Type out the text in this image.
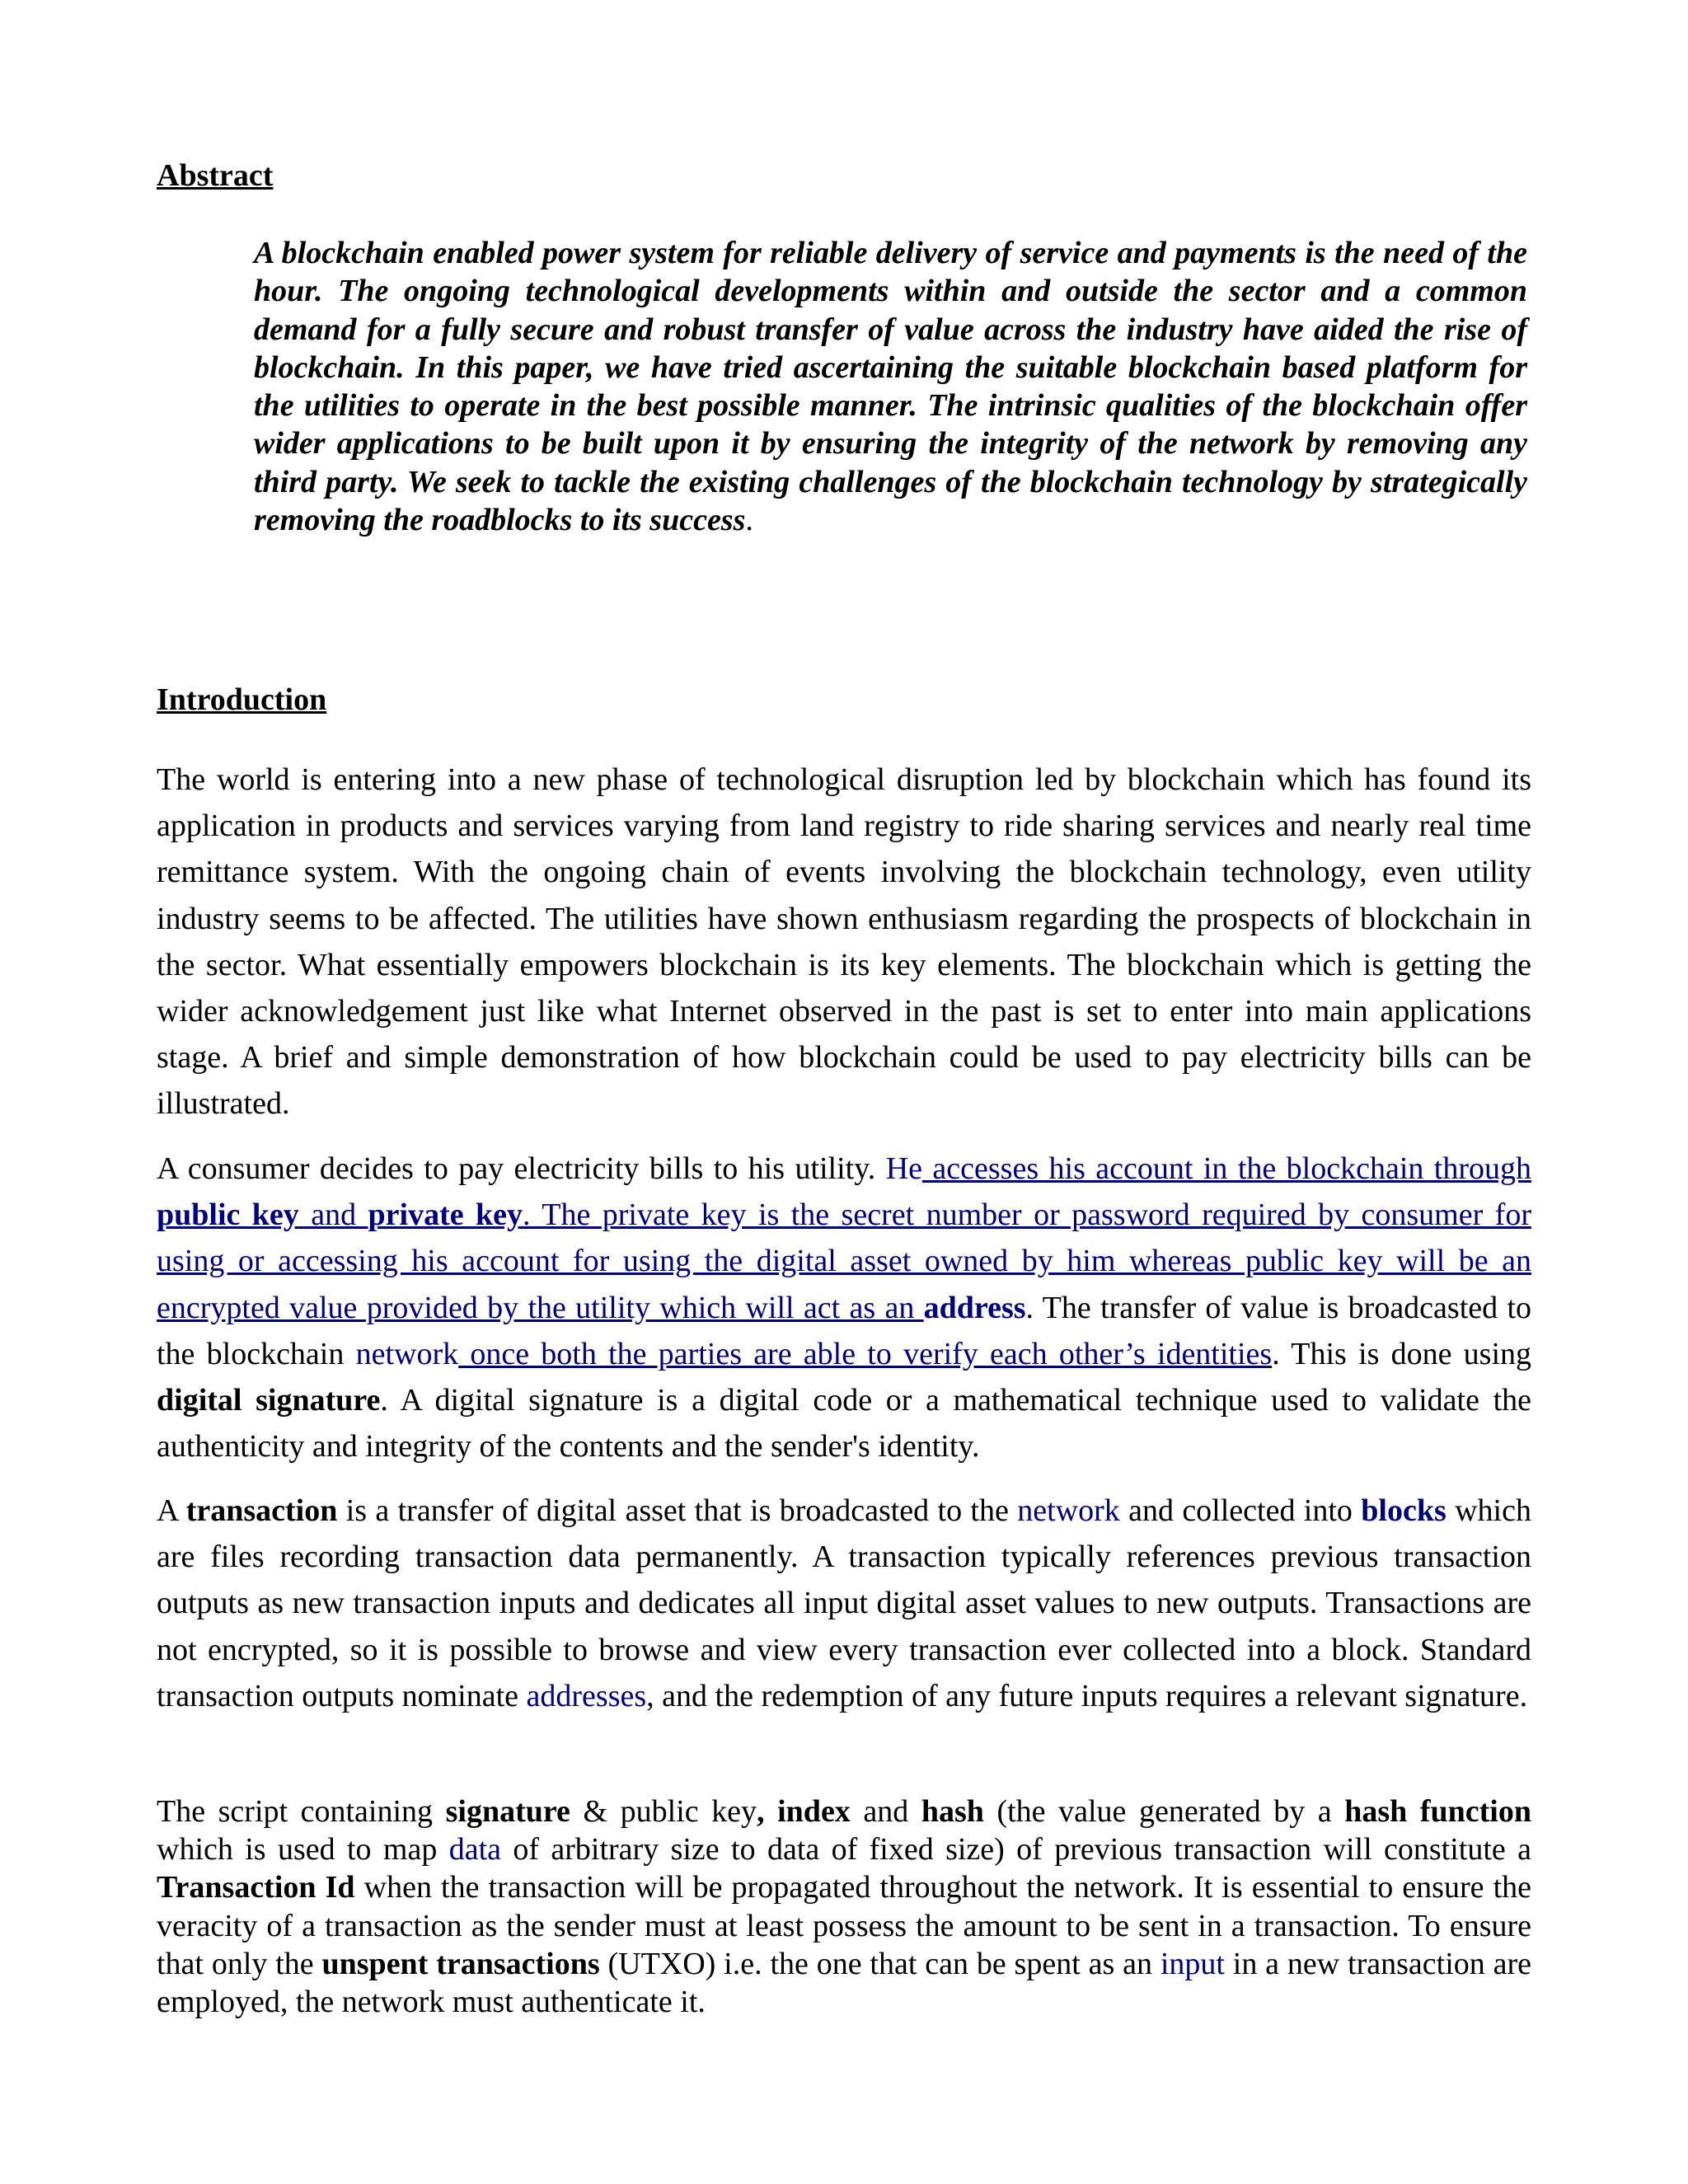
Abstract

A blockchain enabled power system for reliable delivery of service and payments is the need of the hour. The ongoing technological developments within and outside the sector and a common demand for a fully secure and robust transfer of value across the industry have aided the rise of blockchain. In this paper, we have tried ascertaining the suitable blockchain based platform for the utilities to operate in the best possible manner. The intrinsic qualities of the blockchain offer wider applications to be built upon it by ensuring the integrity of the network by removing any third party. We seek to tackle the existing challenges of the blockchain technology by strategically removing the roadblocks to its success.

Introduction

The world is entering into a new phase of technological disruption led by blockchain which has found its application in products and services varying from land registry to ride sharing services and nearly real time remittance system. With the ongoing chain of events involving the blockchain technology, even utility industry seems to be affected. The utilities have shown enthusiasm regarding the prospects of blockchain in the sector. What essentially empowers blockchain is its key elements. The blockchain which is getting the wider acknowledgement just like what Internet observed in the past is set to enter into main applications stage. A brief and simple demonstration of how blockchain could be used to pay electricity bills can be illustrated.

A consumer decides to pay electricity bills to his utility. He accesses his account in the blockchain through public key and private key. The private key is the secret number or password required by consumer for using or accessing his account for using the digital asset owned by him whereas public key will be an encrypted value provided by the utility which will act as an address. The transfer of value is broadcasted to the blockchain network once both the parties are able to verify each other’s identities. This is done using digital signature. A digital signature is a digital code or a mathematical technique used to validate the authenticity and integrity of the contents and the sender's identity.

A transaction is a transfer of digital asset that is broadcasted to the network and collected into blocks which are files recording transaction data permanently. A transaction typically references previous transaction outputs as new transaction inputs and dedicates all input digital asset values to new outputs. Transactions are not encrypted, so it is possible to browse and view every transaction ever collected into a block. Standard transaction outputs nominate addresses, and the redemption of any future inputs requires a relevant signature.

The script containing signature & public key, index and hash (the value generated by a hash function which is used to map data of arbitrary size to data of fixed size) of previous transaction will constitute a Transaction Id when the transaction will be propagated throughout the network. It is essential to ensure the veracity of a transaction as the sender must at least possess the amount to be sent in a transaction. To ensure that only the unspent transactions (UTXO) i.e. the one that can be spent as an input in a new transaction are employed, the network must authenticate it.
